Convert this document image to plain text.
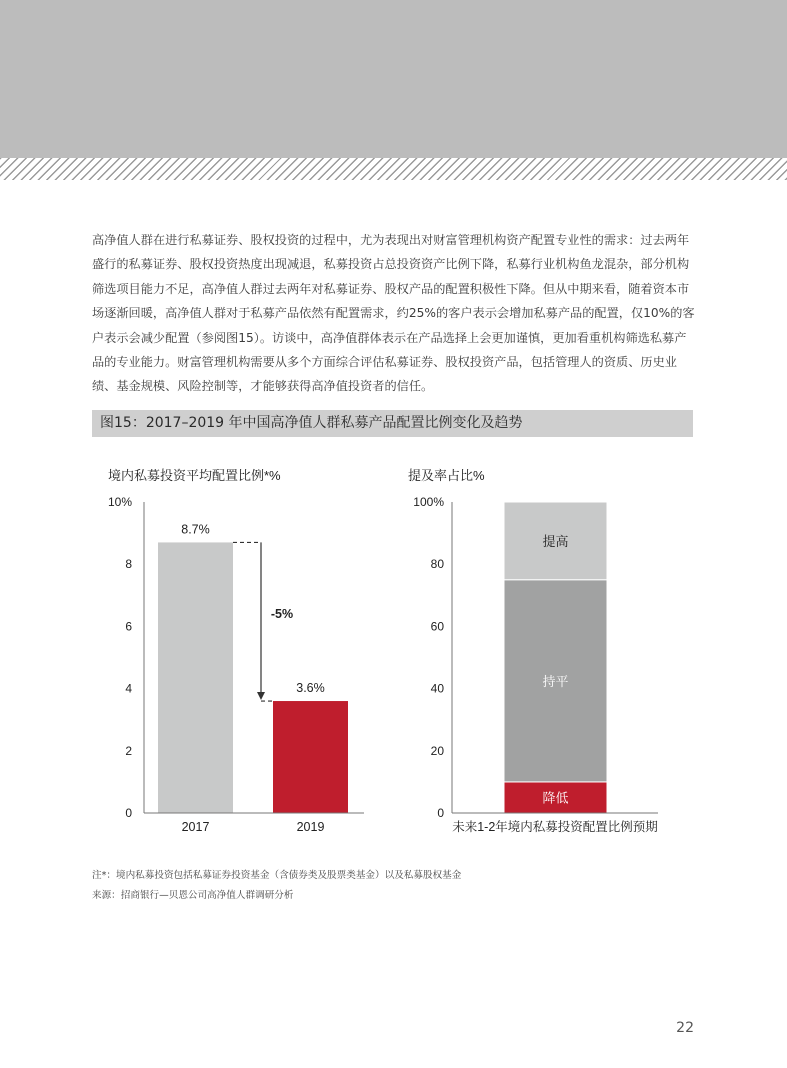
高净值人群在进行私募证券、股权投资的过程中，尤为表现出对财富管理机构资产配置专业性的需求：过去两年盛行的私募证券、股权投资热度出现减退，私募投资占总投资资产比例下降，私募行业机构鱼龙混杂，部分机构筛选项目能力不足，高净值人群过去两年对私募证券、股权产品的配置积极性下降。但从中期来看，随着资本市场逐渐回暖，高净值人群对于私募产品依然有配置需求，约25%的客户表示会增加私募产品的配置，仅10%的客户表示会减少配置（参阅图15）。访谈中，高净值群体表示在产品选择上会更加谨慎，更加看重机构筛选私募产品的专业能力。财富管理机构需要从多个方面综合评估私募证券、股权投资产品，包括管理人的资质、历史业绩、基金规模、风险控制等，才能够获得高净值投资者的信任。

图15：2017–2019 年中国高净值人群私募产品配置比例变化及趋势
境内私募投资平均配置比例*%
0
2
4
6
8
10%
8.7%
2017
3.6%
2019
-5%
提及率占比%
0
20
40
60
80
100%
降低
持平
提高
未来1-2年境内私募投资配置比例预期
注*：境内私募投资包括私募证券投资基金（含债券类及股票类基金）以及私募股权基金
来源：招商银行—贝恩公司高净值人群调研分析
22
